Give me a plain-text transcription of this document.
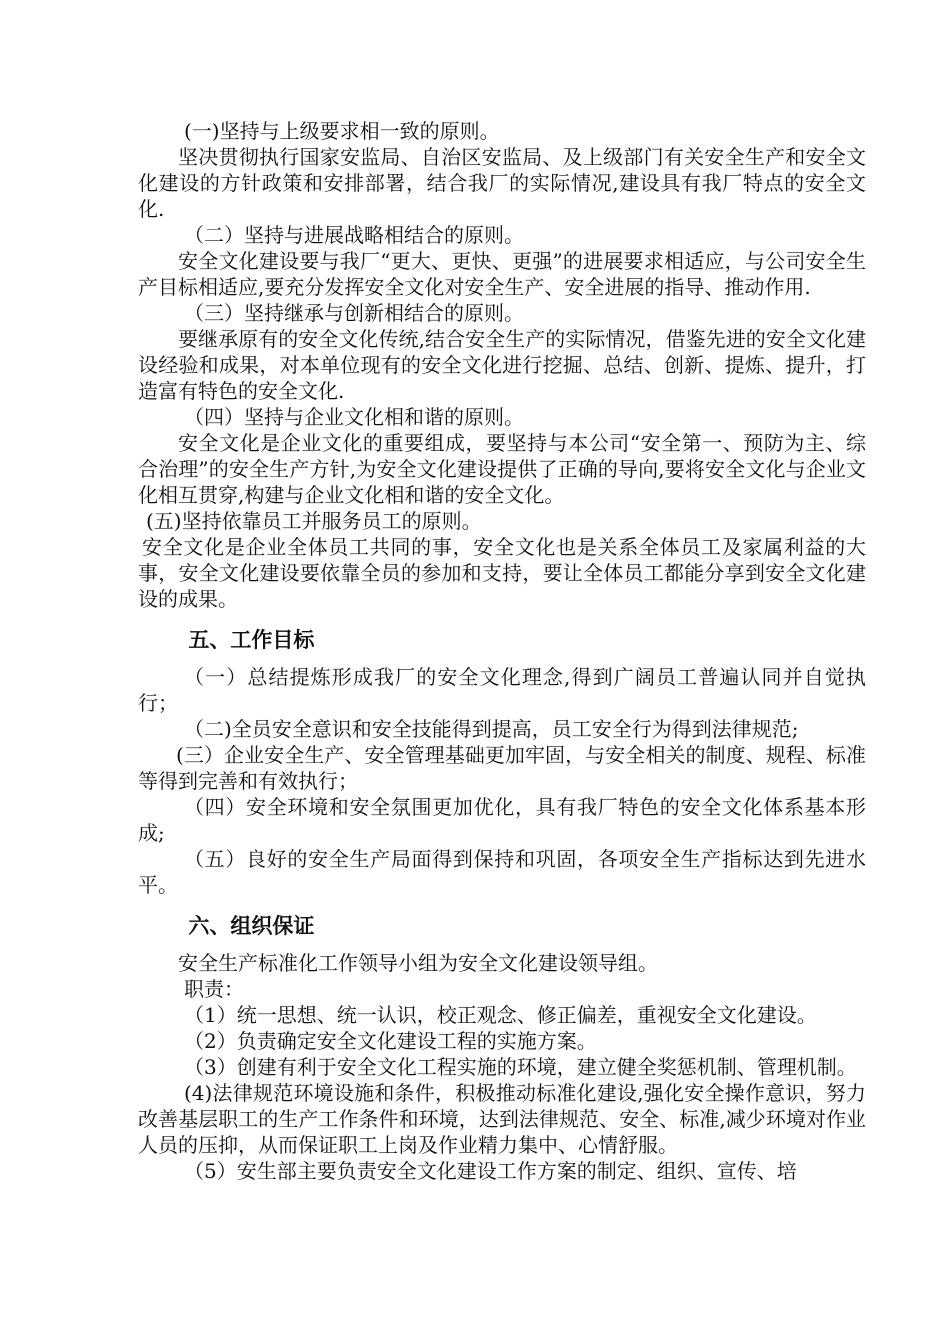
(一)坚持与上级要求相一致的原则。

坚决贯彻执行国家安监局、自治区安监局、及上级部门有关安全生产和安全文化建设的方针政策和安排部署，结合我厂的实际情况,建设具有我厂特点的安全文化.

（二）坚持与进展战略相结合的原则。

安全文化建设要与我厂“更大、更快、更强”的进展要求相适应，与公司安全生产目标相适应,要充分发挥安全文化对安全生产、安全进展的指导、推动作用.

（三）坚持继承与创新相结合的原则。

要继承原有的安全文化传统,结合安全生产的实际情况，借鉴先进的安全文化建设经验和成果，对本单位现有的安全文化进行挖掘、总结、创新、提炼、提升，打造富有特色的安全文化.

（四）坚持与企业文化相和谐的原则。

安全文化是企业文化的重要组成，要坚持与本公司“安全第一、预防为主、综合治理”的安全生产方针,为安全文化建设提供了正确的导向,要将安全文化与企业文化相互贯穿,构建与企业文化相和谐的安全文化。

(五)坚持依靠员工并服务员工的原则。

安全文化是企业全体员工共同的事，安全文化也是关系全体员工及家属利益的大事，安全文化建设要依靠全员的参加和支持，要让全体员工都能分享到安全文化建设的成果。

五、工作目标

（一）总结提炼形成我厂的安全文化理念,得到广阔员工普遍认同并自觉执行；

（二)全员安全意识和安全技能得到提高，员工安全行为得到法律规范;

(三）企业安全生产、安全管理基础更加牢固，与安全相关的制度、规程、标准等得到完善和有效执行；

（四）安全环境和安全氛围更加优化，具有我厂特色的安全文化体系基本形成;

（五）良好的安全生产局面得到保持和巩固，各项安全生产指标达到先进水平。

六、组织保证

安全生产标准化工作领导小组为安全文化建设领导组。

职责：

（1）统一思想、统一认识，校正观念、修正偏差，重视安全文化建设。

（2）负责确定安全文化建设工程的实施方案。

（3）创建有利于安全文化工程实施的环境，建立健全奖惩机制、管理机制。

(4)法律规范环境设施和条件，积极推动标准化建设,强化安全操作意识，努力改善基层职工的生产工作条件和环境，达到法律规范、安全、标准,减少环境对作业人员的压抑，从而保证职工上岗及作业精力集中、心情舒服。

（5）安生部主要负责安全文化建设工作方案的制定、组织、宣传、培
